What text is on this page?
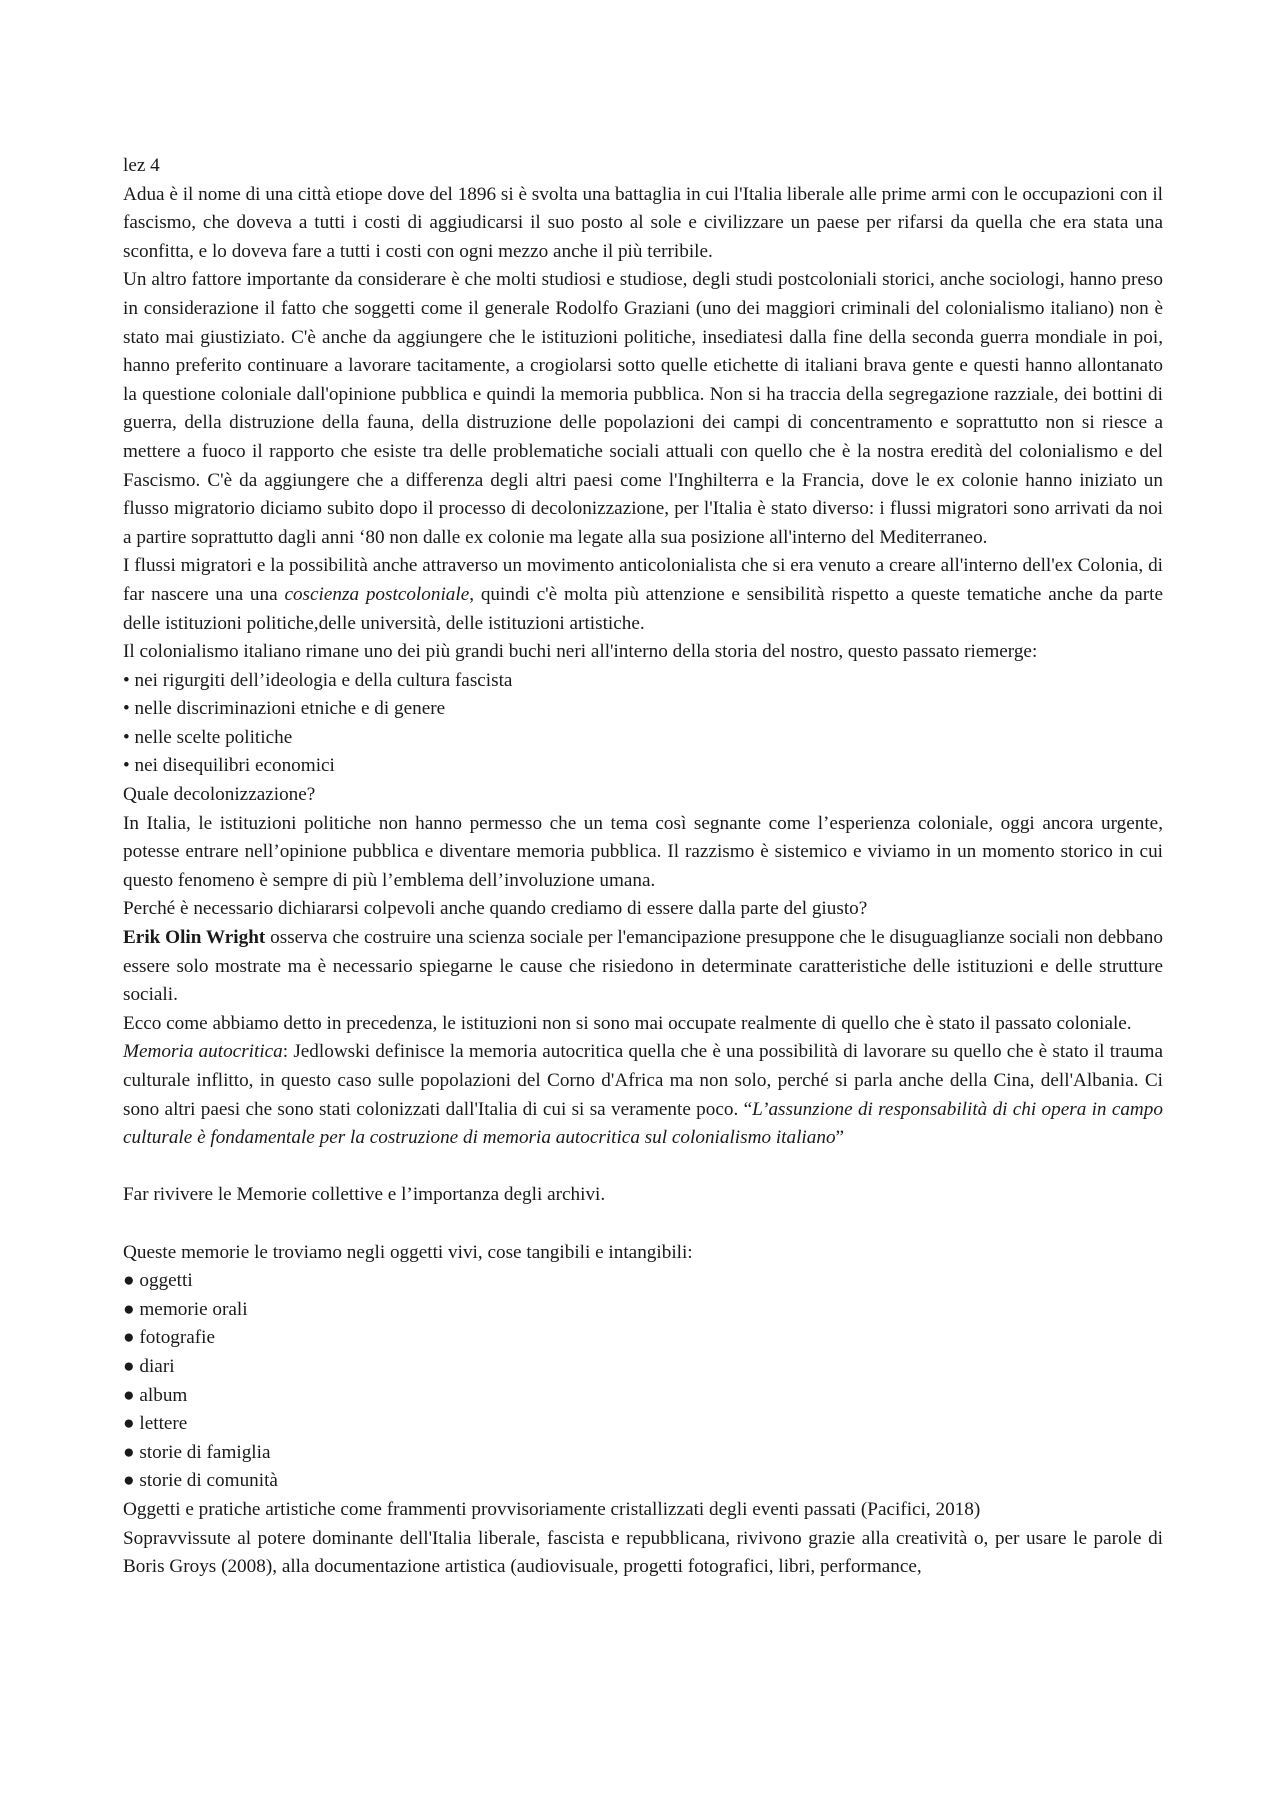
lez 4

Adua è il nome di una città etiope dove del 1896 si è svolta una battaglia in cui l'Italia liberale alle prime armi con le occupazioni con il fascismo, che doveva a tutti i costi di aggiudicarsi il suo posto al sole e civilizzare un paese per rifarsi da quella che era stata una sconfitta, e lo doveva fare a tutti i costi con ogni mezzo anche il più terribile.

Un altro fattore importante da considerare è che molti studiosi e studiose, degli studi postcoloniali storici, anche sociologi, hanno preso in considerazione il fatto che soggetti come il generale Rodolfo Graziani (uno dei maggiori criminali del colonialismo italiano) non è stato mai giustiziato. C'è anche da aggiungere che le istituzioni politiche, insediatesi dalla fine della seconda guerra mondiale in poi, hanno preferito continuare a lavorare tacitamente, a crogiolarsi sotto quelle etichette di italiani brava gente e questi hanno allontanato la questione coloniale dall'opinione pubblica e quindi la memoria pubblica. Non si ha traccia della segregazione razziale, dei bottini di guerra, della distruzione della fauna, della distruzione delle popolazioni dei campi di concentramento e soprattutto non si riesce a mettere a fuoco il rapporto che esiste tra delle problematiche sociali attuali con quello che è la nostra eredità del colonialismo e del Fascismo. C'è da aggiungere che a differenza degli altri paesi come l'Inghilterra e la Francia, dove le ex colonie hanno iniziato un flusso migratorio diciamo subito dopo il processo di decolonizzazione, per l'Italia è stato diverso: i flussi migratori sono arrivati da noi a partire soprattutto dagli anni ‘80 non dalle ex colonie ma legate alla sua posizione all'interno del Mediterraneo.

I flussi migratori e la possibilità anche attraverso un movimento anticolonialista che si era venuto a creare all'interno dell'ex Colonia, di far nascere una una coscienza postcoloniale, quindi c'è molta più attenzione e sensibilità rispetto a queste tematiche anche da parte delle istituzioni politiche,delle università, delle istituzioni artistiche.

Il colonialismo italiano rimane uno dei più grandi buchi neri all'interno della storia del nostro, questo passato riemerge:

• nei rigurgiti dell’ideologia e della cultura fascista
• nelle discriminazioni etniche e di genere
• nelle scelte politiche
• nei disequilibri economici

Quale decolonizzazione?

In Italia, le istituzioni politiche non hanno permesso che un tema così segnante come l’esperienza coloniale, oggi ancora urgente, potesse entrare nell’opinione pubblica e diventare memoria pubblica. Il razzismo è sistemico e viviamo in un momento storico in cui questo fenomeno è sempre di più l’emblema dell’involuzione umana.

Perché è necessario dichiararsi colpevoli anche quando crediamo di essere dalla parte del giusto?

Erik Olin Wright osserva che costruire una scienza sociale per l'emancipazione presuppone che le disuguaglianze sociali non debbano essere solo mostrate ma è necessario spiegarne le cause che risiedono in determinate caratteristiche delle istituzioni e delle strutture sociali.

Ecco come abbiamo detto in precedenza, le istituzioni non si sono mai occupate realmente di quello che è stato il passato coloniale.

Memoria autocritica: Jedlowski definisce la memoria autocritica quella che è una possibilità di lavorare su quello che è stato il trauma culturale inflitto, in questo caso sulle popolazioni del Corno d'Africa ma non solo, perché si parla anche della Cina, dell'Albania. Ci sono altri paesi che sono stati colonizzati dall'Italia di cui si sa veramente poco. “L’assunzione di responsabilità di chi opera in campo culturale è fondamentale per la costruzione di memoria autocritica sul colonialismo italiano”

Far rivivere le Memorie collettive e l’importanza degli archivi.

Queste memorie le troviamo negli oggetti vivi, cose tangibili e intangibili:

● oggetti
● memorie orali
● fotografie
● diari
● album
● lettere
● storie di famiglia
● storie di comunità

Oggetti e pratiche artistiche come frammenti provvisoriamente cristallizzati degli eventi passati (Pacifici, 2018)

Sopravvissute al potere dominante dell'Italia liberale, fascista e repubblicana, rivivono grazie alla creatività o, per usare le parole di Boris Groys (2008), alla documentazione artistica (audiovisuale, progetti fotografici, libri, performance,
